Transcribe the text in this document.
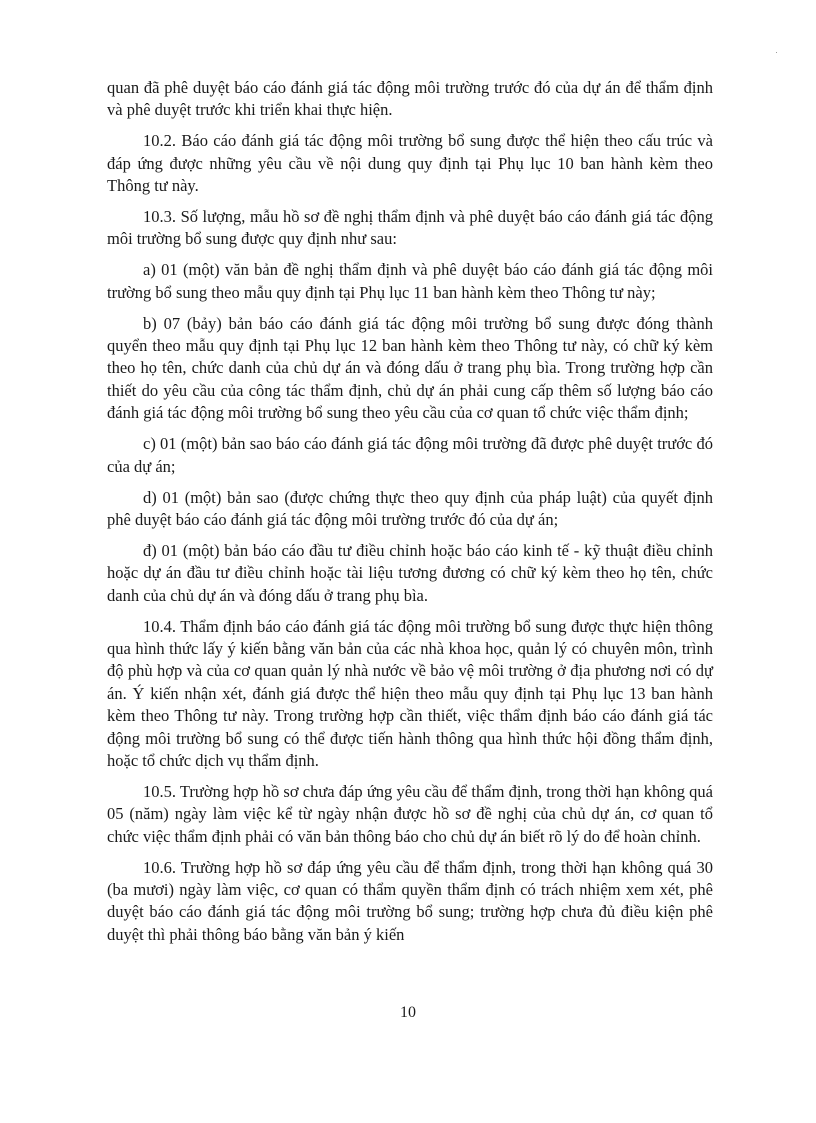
quan đã phê duyệt báo cáo đánh giá tác động môi trường trước đó của dự án để thẩm định và phê duyệt trước khi triển khai thực hiện.

10.2. Báo cáo đánh giá tác động môi trường bổ sung được thể hiện theo cấu trúc và đáp ứng được những yêu cầu về nội dung quy định tại Phụ lục 10 ban hành kèm theo Thông tư này.

10.3. Số lượng, mẫu hồ sơ đề nghị thẩm định và phê duyệt báo cáo đánh giá tác động môi trường bổ sung được quy định như sau:

a) 01 (một) văn bản đề nghị thẩm định và phê duyệt báo cáo đánh giá tác động môi trường bổ sung theo mẫu quy định tại Phụ lục 11 ban hành kèm theo Thông tư này;

b) 07 (bảy) bản báo cáo đánh giá tác động môi trường bổ sung được đóng thành quyển theo mẫu quy định tại Phụ lục 12 ban hành kèm theo Thông tư này, có chữ ký kèm theo họ tên, chức danh của chủ dự án và đóng dấu ở trang phụ bìa. Trong trường hợp cần thiết do yêu cầu của công tác thẩm định, chủ dự án phải cung cấp thêm số lượng báo cáo đánh giá tác động môi trường bổ sung theo yêu cầu của cơ quan tổ chức việc thẩm định;

c) 01 (một) bản sao báo cáo đánh giá tác động môi trường đã được phê duyệt trước đó của dự án;

d) 01 (một) bản sao (được chứng thực theo quy định của pháp luật) của quyết định phê duyệt báo cáo đánh giá tác động môi trường trước đó của dự án;

đ) 01 (một) bản báo cáo đầu tư điều chỉnh hoặc báo cáo kinh tế - kỹ thuật điều chỉnh hoặc dự án đầu tư điều chỉnh hoặc tài liệu tương đương có chữ ký kèm theo họ tên, chức danh của chủ dự án và đóng dấu ở trang phụ bìa.

10.4. Thẩm định báo cáo đánh giá tác động môi trường bổ sung được thực hiện thông qua hình thức lấy ý kiến bằng văn bản của các nhà khoa học, quản lý có chuyên môn, trình độ phù hợp và của cơ quan quản lý nhà nước về bảo vệ môi trường ở địa phương nơi có dự án. Ý kiến nhận xét, đánh giá được thể hiện theo mẫu quy định tại Phụ lục 13 ban hành kèm theo Thông tư này. Trong trường hợp cần thiết, việc thẩm định báo cáo đánh giá tác động môi trường bổ sung có thể được tiến hành thông qua hình thức hội đồng thẩm định, hoặc tổ chức dịch vụ thẩm định.

10.5. Trường hợp hồ sơ chưa đáp ứng yêu cầu để thẩm định, trong thời hạn không quá 05 (năm) ngày làm việc kể từ ngày nhận được hồ sơ đề nghị của chủ dự án, cơ quan tổ chức việc thẩm định phải có văn bản thông báo cho chủ dự án biết rõ lý do để hoàn chỉnh.

10.6. Trường hợp hồ sơ đáp ứng yêu cầu để thẩm định, trong thời hạn không quá 30 (ba mươi) ngày làm việc, cơ quan có thẩm quyền thẩm định có trách nhiệm xem xét, phê duyệt báo cáo đánh giá tác động môi trường bổ sung; trường hợp chưa đủ điều kiện phê duyệt thì phải thông báo bằng văn bản ý kiến

10
